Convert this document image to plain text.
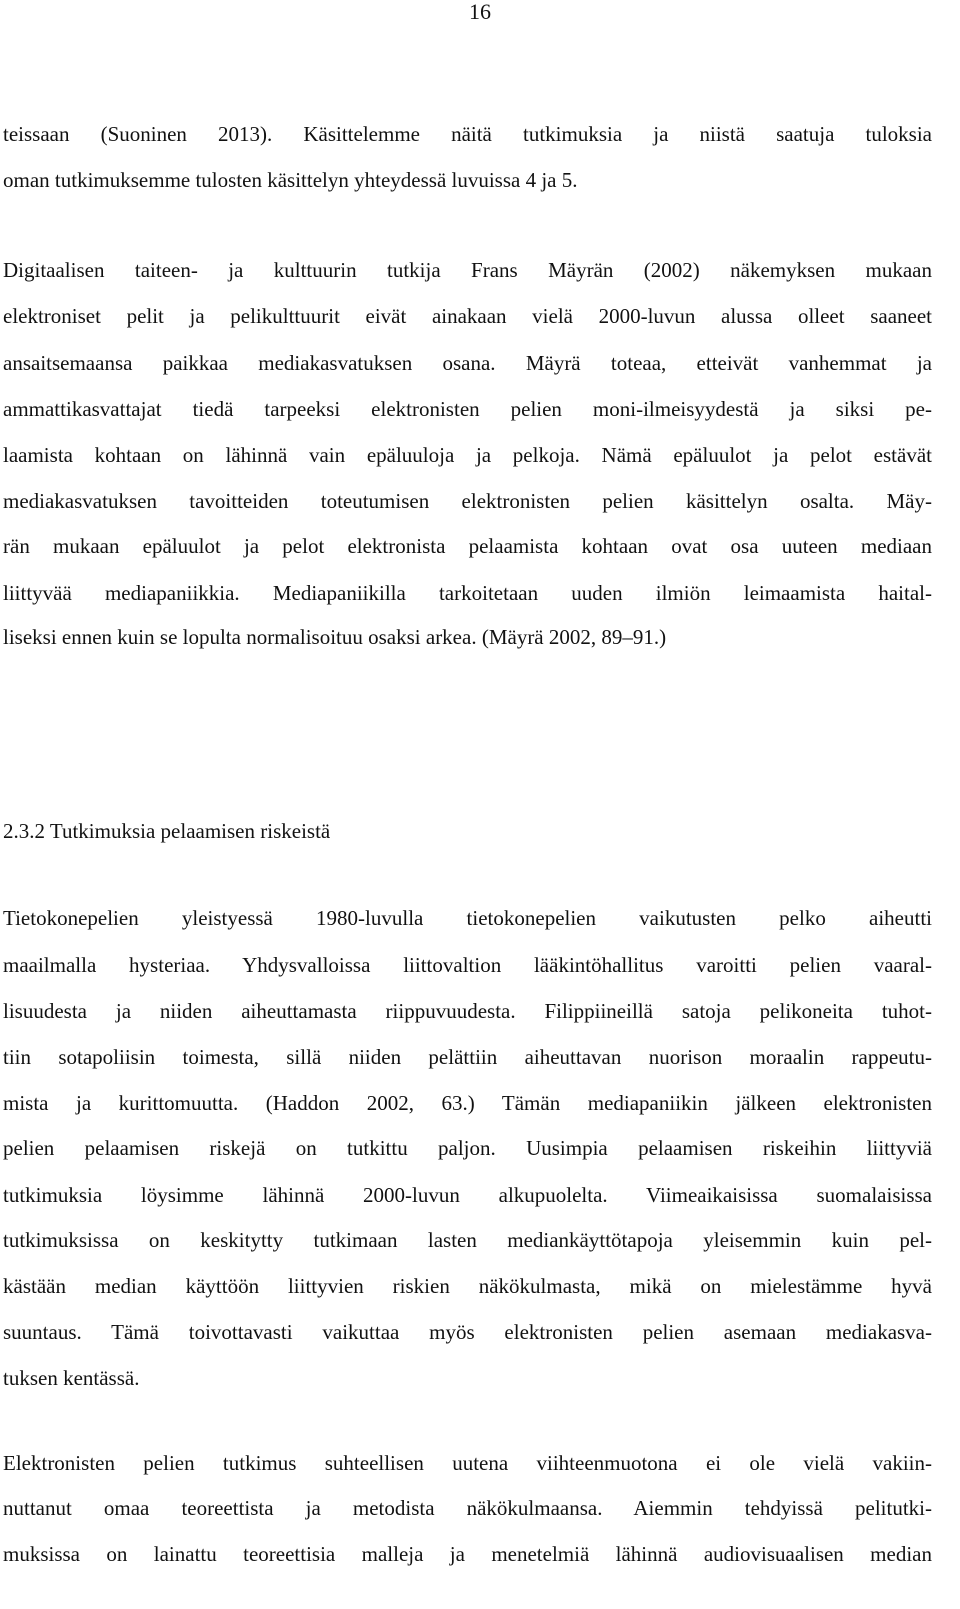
16
teissaan (Suoninen 2013). Käsittelemme näitä tutkimuksia ja niistä saatuja tuloksia
oman tutkimuksemme tulosten käsittelyn yhteydessä luvuissa 4 ja 5.
Digitaalisen taiteen- ja kulttuurin tutkija Frans Mäyrän (2002) näkemyksen mukaan
elektroniset pelit ja pelikulttuurit eivät ainakaan vielä 2000-luvun alussa olleet saaneet
ansaitsemaansa paikkaa mediakasvatuksen osana. Mäyrä toteaa, etteivät vanhemmat ja
ammattikasvattajat tiedä tarpeeksi elektronisten pelien moni-ilmeisyydestä ja siksi pe-
laamista kohtaan on lähinnä vain epäluuloja ja pelkoja. Nämä epäluulot ja pelot estävät
mediakasvatuksen tavoitteiden toteutumisen elektronisten pelien käsittelyn osalta. Mäy-
rän mukaan epäluulot ja pelot elektronista pelaamista kohtaan ovat osa uuteen mediaan
liittyvää mediapaniikkia. Mediapaniikilla tarkoitetaan uuden ilmiön leimaamista haital-
liseksi ennen kuin se lopulta normalisoituu osaksi arkea. (Mäyrä 2002, 89–91.)
2.3.2 Tutkimuksia pelaamisen riskeistä
Tietokonepelien yleistyessä 1980-luvulla tietokonepelien vaikutusten pelko aiheutti
maailmalla hysteriaa. Yhdysvalloissa liittovaltion lääkintöhallitus varoitti pelien vaaral-
lisuudesta ja niiden aiheuttamasta riippuvuudesta. Filippiineillä satoja pelikoneita tuhot-
tiin sotapoliisin toimesta, sillä niiden pelättiin aiheuttavan nuorison moraalin rappeutu-
mista ja kurittomuutta. (Haddon 2002, 63.) Tämän mediapaniikin jälkeen elektronisten
pelien pelaamisen riskejä on tutkittu paljon. Uusimpia pelaamisen riskeihin liittyviä
tutkimuksia löysimme lähinnä 2000-luvun alkupuolelta. Viimeaikaisissa suomalaisissa
tutkimuksissa on keskitytty tutkimaan lasten mediankäyttötapoja yleisemmin kuin pel-
kästään median käyttöön liittyvien riskien näkökulmasta, mikä on mielestämme hyvä
suuntaus. Tämä toivottavasti vaikuttaa myös elektronisten pelien asemaan mediakasva-
tuksen kentässä.
Elektronisten pelien tutkimus suhteellisen uutena viihteenmuotona ei ole vielä vakiin-
nuttanut omaa teoreettista ja metodista näkökulmaansa. Aiemmin tehdyissä pelitutki-
muksissa on lainattu teoreettisia malleja ja menetelmiä lähinnä audiovisuaalisen median
